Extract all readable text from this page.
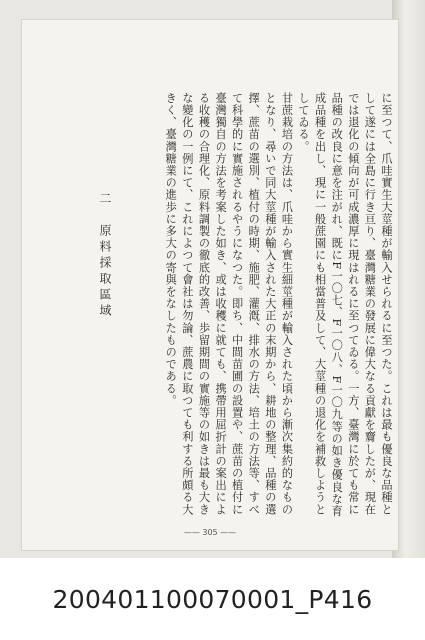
に至つて、爪哇實生大莖種が輸入せられるに至つた。これは最も優良な品種として遂には全島に行き亘り、臺灣糖業の發展に偉大なる貢獻を齎したが、現在では退化の傾向が可成濃厚に現はれるに至つてゐる。一方、臺灣に於ても常に品種の改良に意を注がれ、既にF一〇七、F一〇八、F一〇九等の如き優良な育成品種を出し、現に一般蔗園にも相當普及して、大莖種の退化を補救しようとしてゐる。

甘蔗栽培の方法は、爪哇から實生細莖種が輸入された頃から漸次集約的なものとなり、尋いで同大莖種が輸入された大正の末期から、耕地の整理、品種の選擇、蔗苗の選別、植付の時期、施肥、灌漑、排水の方法、培土の方法等、すべて科學的に實施されるやうになつた。即ち、中間苗圃の設置や、蔗苗の植付に臺灣獨自の方法を考案した如き、或は收穫に就ても、携帶用屈折計の案出による收穫の合理化、原料調製の徹底的改善、歩留期間の實施等の如きは最も大きな變化の一例にて、これによつて會社は勿論、蔗農に取つても利する所頗る大きく、臺灣糖業の進歩に多大の寄與をなしたものである。

二　原料採取區域
—— 305 ——
200401100070001_P416
